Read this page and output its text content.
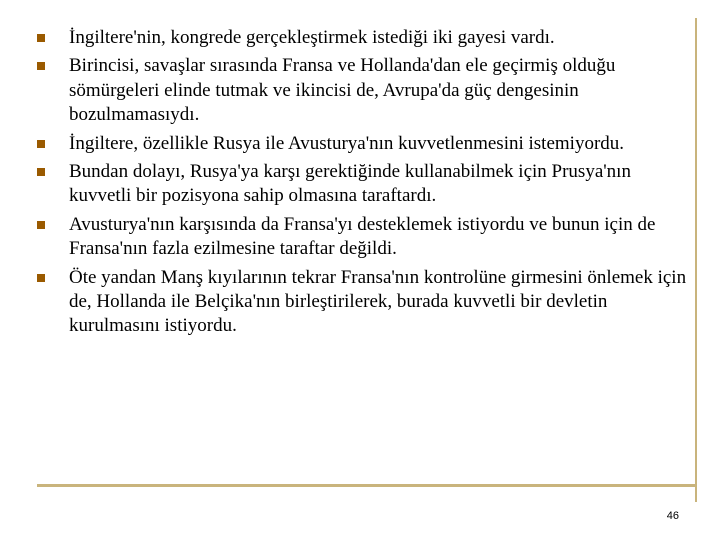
İngiltere'nin, kongrede gerçekleştirmek istediği iki gayesi vardı.
Birincisi, savaşlar sırasında Fransa ve Hollanda'dan ele geçirmiş olduğu sömürgeleri elinde tutmak ve ikincisi de, Avrupa'da güç dengesinin bozulmamasıydı.
İngiltere, özellikle Rusya ile Avusturya'nın kuvvetlenmesini istemiyordu.
Bundan dolayı, Rusya'ya karşı gerektiğinde kullanabilmek için Prusya'nın kuvvetli bir pozisyona sahip olmasına taraftardı.
Avusturya'nın karşısında da Fransa'yı desteklemek istiyordu ve bunun için de Fransa'nın fazla ezilmesine taraftar değildi.
Öte yandan Manş kıyılarının tekrar Fransa'nın kontrolüne girmesini önlemek için de, Hollanda ile Belçika'nın birleştirilerek, burada kuvvetli bir devletin kurulmasını istiyordu.
46
